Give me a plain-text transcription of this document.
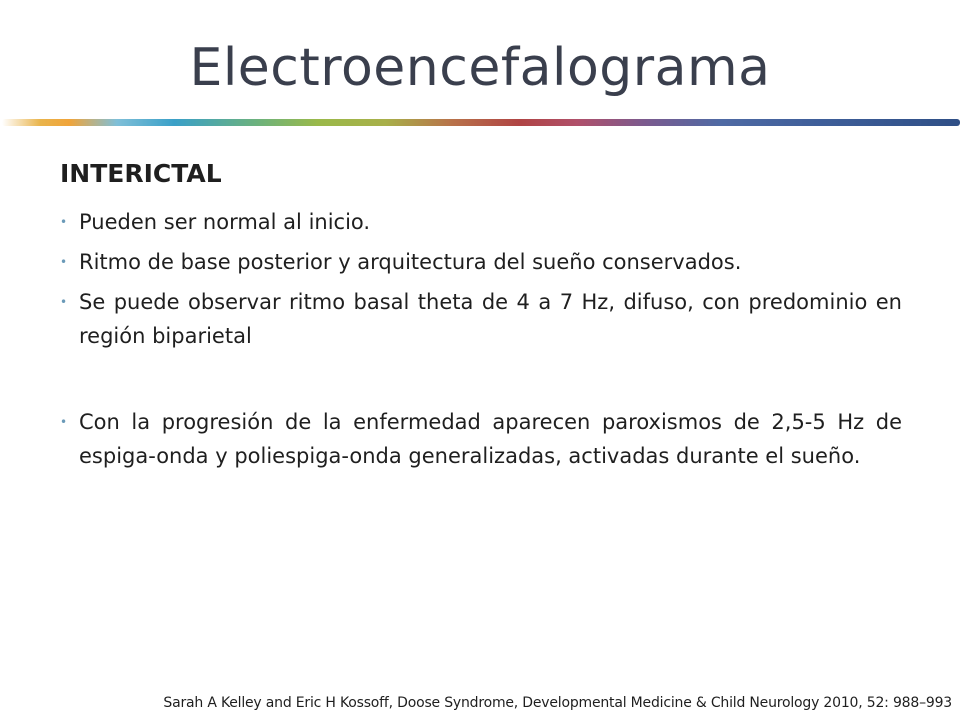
Electroencefalograma
INTERICTAL
• Pueden ser normal al inicio.
• Ritmo de base posterior y arquitectura del sueño conservados.
• Se puede observar ritmo basal theta de 4 a 7 Hz, difuso, con predominio en región biparietal
• Con la progresión de la enfermedad aparecen paroxismos de 2,5-5 Hz de espiga-onda y poliespiga-onda generalizadas, activadas durante el sueño.
Sarah A Kelley and Eric H Kossoff, Doose Syndrome, Developmental Medicine & Child Neurology 2010, 52: 988–993
